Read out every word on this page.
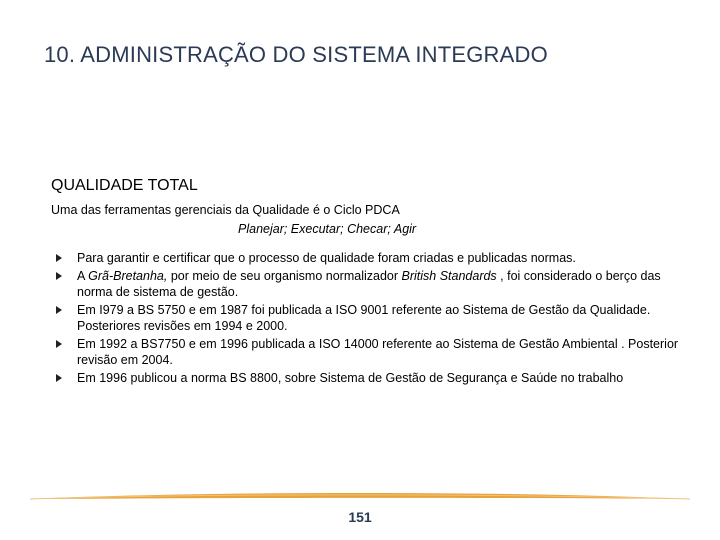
10. ADMINISTRAÇÃO DO SISTEMA INTEGRADO
QUALIDADE TOTAL
Uma das ferramentas gerenciais da Qualidade é o Ciclo PDCA
Planejar; Executar; Checar; Agir
Para garantir e certificar que o processo de qualidade foram criadas e publicadas normas.
A Grã-Bretanha, por meio de seu organismo normalizador British Standards , foi considerado o berço das norma de sistema de gestão.
Em I979 a BS 5750 e em 1987 foi publicada a ISO 9001 referente ao Sistema de Gestão da Qualidade. Posteriores revisões em 1994 e 2000.
Em 1992 a BS7750 e em 1996 publicada a ISO 14000 referente ao Sistema de Gestão Ambiental . Posterior revisão em 2004.
Em 1996 publicou a norma BS 8800, sobre Sistema de Gestão de Segurança e Saúde no trabalho
151
